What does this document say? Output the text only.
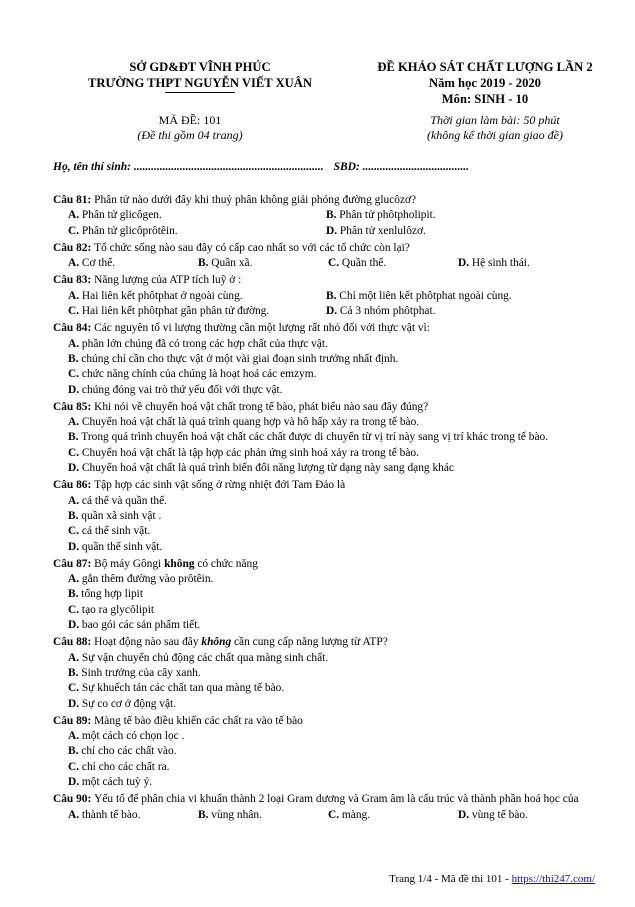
SỞ GD&ĐT VĨNH PHÚC
TRƯỜNG THPT NGUYỄN VIẾT XUÂN
ĐỀ KHẢO SÁT CHẤT LƯỢNG LẦN 2
Năm học 2019 - 2020
Môn: SINH - 10
MÃ ĐỀ: 101
(Đề thi gồm 04 trang)
Thời gian làm bài: 50 phút
(không kể thời gian giao đề)
Họ, tên thí sinh: .................................................................. SBD: .....................................
Câu 81: Phân tử nào dưới đây khi thuỷ phân không giải phóng đường glucôzơ?
A. Phân tử glicôgen.	B. Phân tử phôtpholipit.
C. Phân tử glicôprôtêin.	D. Phân tử xenlulôzơ.
Câu 82: Tổ chức sống nào sau đây có cấp cao nhất so với các tổ chức còn lại?
A. Cơ thể.	B. Quần xã.	C. Quần thể.	D. Hệ sinh thái.
Câu 83: Năng lượng của ATP tích luỹ ở :
A. Hai liên kết phôtphat ở ngoài cùng.	B. Chỉ một liên kết phôtphat ngoài cùng.
C. Hai liên kết phôtphat gần phân tử đường.	D. Cả 3 nhóm phôtphat.
Câu 84: Các nguyên tố vi lượng thường cần một lượng rất nhỏ đối với thực vật vì:
A. phần lớn chúng đã có trong các hợp chất của thực vật.
B. chúng chỉ cần cho thực vật ở một vài giai đoạn sinh trưởng nhất định.
C. chức năng chính của chúng là hoạt hoá các emzym.
D. chúng đóng vai trò thứ yếu đối với thực vật.
Câu 85: Khi nói về chuyển hoá vật chất trong tế bào, phát biểu nào sau đây đúng?
A. Chuyển hoá vật chất là quá trình quang hợp và hô hấp xảy ra trong tế bào.
B. Trong quá trình chuyển hoá vật chất các chất được di chuyển từ vị trí này sang vị trí khác trong tế bào.
C. Chuyển hoá vật chất là tập hợp các phản ứng sinh hoá xảy ra trong tế bào.
D. Chuyển hoá vật chất là quá trình biến đổi năng lượng từ dạng này sang dạng khác
Câu 86: Tập hợp các sinh vật sống ở rừng nhiệt đới Tam Đảo là
A. cá thể và quần thể.
B. quần xã sinh vật .
C. cá thể sinh vật.
D. quần thể sinh vật.
Câu 87: Bộ máy Gôngi không có chức năng
A. gắn thêm đường vào prôtêin.
B. tổng hợp lipit
C. tạo ra glycôlipit
D. bao gói các sản phẩm tiết.
Câu 88: Hoạt động nào sau đây không cần cung cấp năng lượng từ ATP?
A. Sự vận chuyển chủ động các chất qua màng sinh chất.
B. Sinh trưởng của cây xanh.
C. Sự khuếch tán các chất tan qua màng tế bào.
D. Sự co cơ ở động vật.
Câu 89: Màng tế bào điều khiển các chất ra vào tế bào
A. một cách có chọn lọc .
B. chỉ cho các chất vào.
C. chỉ cho các chất ra.
D. một cách tuỳ ý.
Câu 90: Yếu tố để phân chia vi khuẩn thành 2 loại Gram dương và Gram âm là cấu trúc và thành phần hoá học của
A. thành tế bào.	B. vùng nhân.	C. màng.	D. vùng tế bào.
Trang 1/4 - Mã đề thi 101 - https://thi247.com/
